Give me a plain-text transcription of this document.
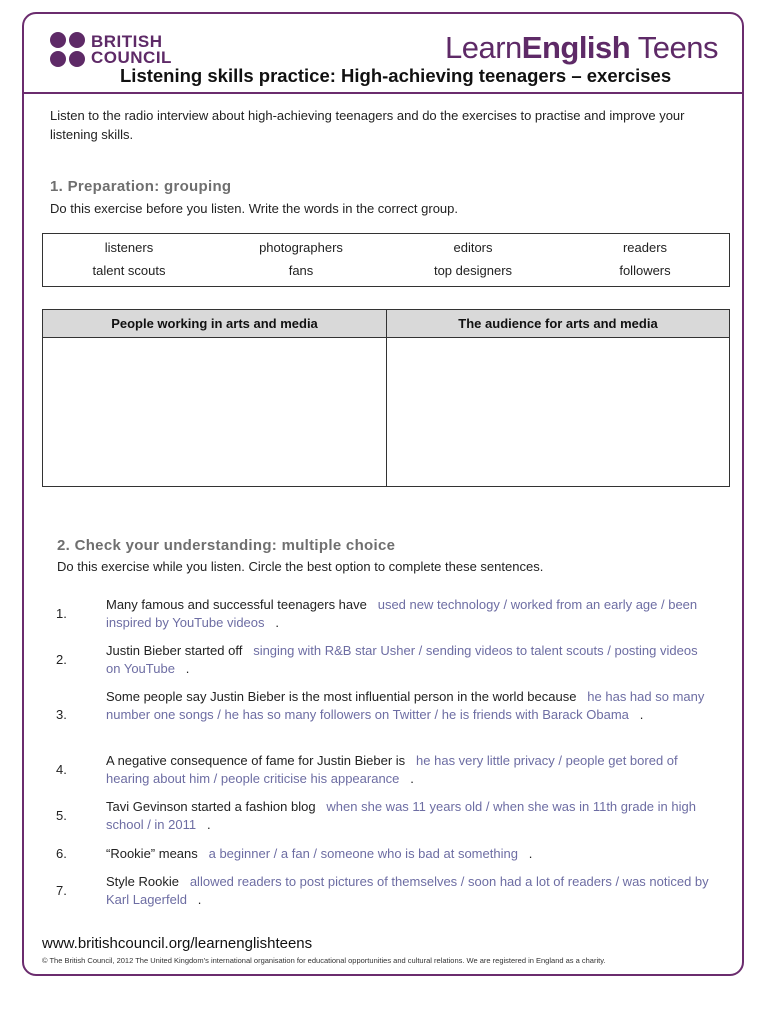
BRITISH
COUNCIL	LearnEnglish Teens
Listening skills practice: High-achieving teenagers – exercises
Listen to the radio interview about high-achieving teenagers and do the exercises to practise and improve your listening skills.
1. Preparation: grouping
Do this exercise before you listen. Write the words in the correct group.
listeners	photographers	editors	readers
talent scouts	fans	top designers	followers
People working in arts and media	The audience for arts and media
2. Check your understanding: multiple choice
Do this exercise while you listen. Circle the best option to complete these sentences.
1.
Many famous and successful teenagers have used new technology / worked from an early age / been inspired by YouTube videos .
2.
Justin Bieber started off singing with R&B star Usher / sending videos to talent scouts / posting videos on YouTube .
3.
Some people say Justin Bieber is the most influential person in the world because he has had so many number one songs / he has so many followers on Twitter / he is friends with Barack Obama .
4.
A negative consequence of fame for Justin Bieber is he has very little privacy / people get bored of hearing about him / people criticise his appearance .
5.
Tavi Gevinson started a fashion blog when she was 11 years old / when she was in 11th grade in high school / in 2011 .
6.	“Rookie” means a beginner / a fan / someone who is bad at something .
7.
Style Rookie allowed readers to post pictures of themselves / soon had a lot of readers / was noticed by Karl Lagerfeld .
www.britishcouncil.org/learnenglishteens
© The British Council, 2012 The United Kingdom’s international organisation for educational opportunities and cultural relations. We are registered in England as a charity.
